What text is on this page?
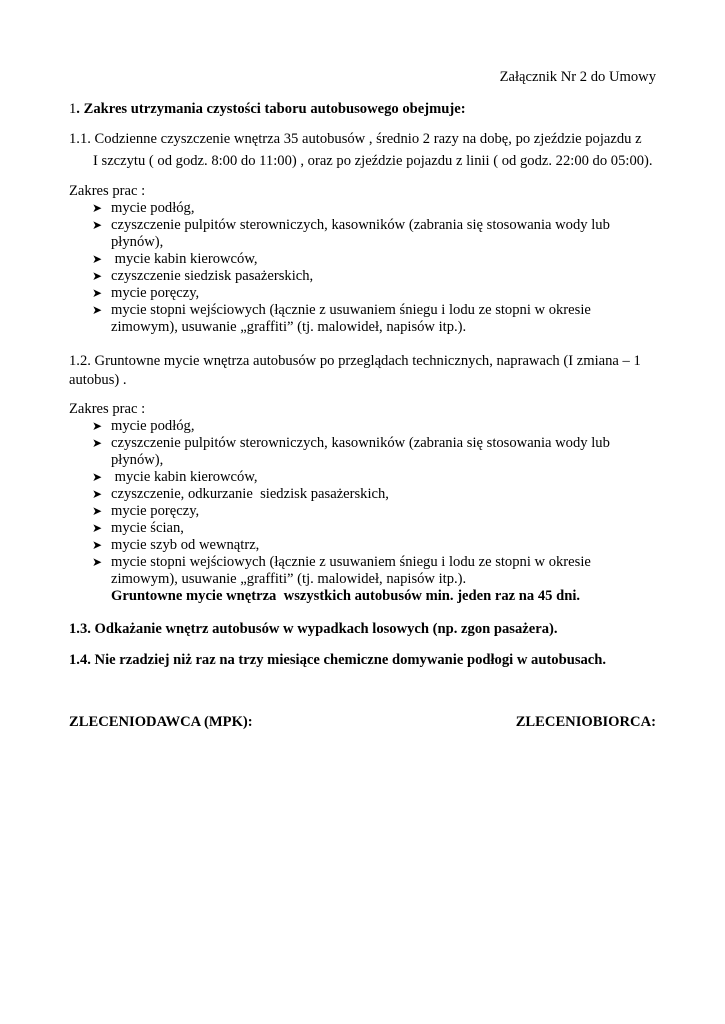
Załącznik Nr 2 do Umowy
1. Zakres utrzymania czystości taboru autobusowego obejmuje:
1.1. Codzienne czyszczenie wnętrza 35 autobusów , średnio 2 razy na dobę, po zjeździe pojazdu z
I szczytu ( od godz. 8:00 do 11:00) , oraz po zjeździe pojazdu z linii ( od godz. 22:00 do 05:00).
Zakres prac :
➤ mycie podłóg,
➤ czyszczenie pulpitów sterowniczych, kasowników (zabrania się stosowania wody lub
płynów),
➤ mycie kabin kierowców,
➤ czyszczenie siedzisk pasażerskich,
➤ mycie poręczy,
➤ mycie stopni wejściowych (łącznie z usuwaniem śniegu i lodu ze stopni w okresie
zimowym), usuwanie „graffiti” (tj. malowideł, napisów itp.).
1.2. Gruntowne mycie wnętrza autobusów po przeglądach technicznych, naprawach (I zmiana – 1
autobus) .
Zakres prac :
➤ mycie podłóg,
➤ czyszczenie pulpitów sterowniczych, kasowników (zabrania się stosowania wody lub
płynów),
➤ mycie kabin kierowców,
➤ czyszczenie, odkurzanie  siedzisk pasażerskich,
➤ mycie poręczy,
➤ mycie ścian,
➤ mycie szyb od wewnątrz,
➤ mycie stopni wejściowych (łącznie z usuwaniem śniegu i lodu ze stopni w okresie
zimowym), usuwanie „graffiti” (tj. malowideł, napisów itp.).
Gruntowne mycie wnętrza  wszystkich autobusów min. jeden raz na 45 dni.
1.3. Odkażanie wnętrz autobusów w wypadkach losowych (np. zgon pasażera).
1.4. Nie rzadziej niż raz na trzy miesiące chemiczne domywanie podłogi w autobusach.
ZLECENIODAWCA (MPK):	ZLECENIOBIORCA:
